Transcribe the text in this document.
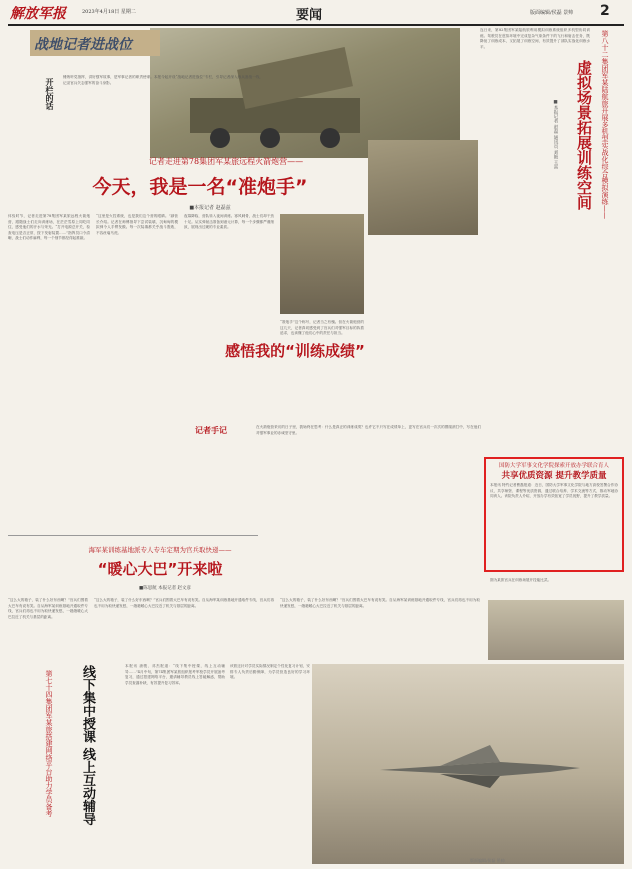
解放军报	2023年4月18日 星期二	要闻	版面编辑/侯磊 景帅 2
战地记者进战位
开栏的话
锤炼听党指挥，讲好强军故事，是军事记者的职责使命。本报今起开设“战地记者进战位”专栏，引导记者深入练兵备战一线，记录官兵矢志强军的奋斗身影。
记者走进第78集团军某旅远程火箭炮营——
今天，我是一名“准炮手”
■本报记者 赵磊兹
体验时节，记者走进第78集团军某旅远程火箭炮营，跟随战士们走向训练场，在茫茫雪原上同吃同住，感受他们的汗水与荣光。“打开电源总开关，检查电压是否正常，按下发射装置……”指挥员口令清晰，战士们动作麻利，每一个细节都经得起推敲。
“这里是火控系统，也是我们这个营的眼睛。”副营长介绍。记者在师傅指导下尝试装填，沉甸甸的模拟弹令人手臂发酸。每一次装填都关乎战斗胜败，不容丝毫马虎。
夜幕降临，营队转入夜间训练。寒风刺骨，战士们却干劲十足。从实弹射击准备到诸元计算，每一个步骤都严谨细致，展现出过硬的专业素质。
“准炮手”这个称号，记者当之有愧。但在火箭炮营的这几天，记者真切感受到了官兵们对强军目标的执着追求，也读懂了他们心中的责任与担当。
第八十二集团军某陆航旅开展多机型实战化综合模拟演练——
虚拟场景拓展训练空间
■本报记者 赵磊 通讯员 刘艳 王雷
连日来，第82集团军某陆航旅利用模拟训练系统组织多机型协同训练。驾驶员在虚拟环境中完成复杂气象条件下的飞行和射击任务，既降低了训练成本，又拓展了训练空间，有效提升了部队实战化训练水平。
感悟我的“训练成绩”
记者手记	在火箭炮营采访的日子里，我始终在思考：什么是真正的训练成绩？也许它不只写在成绩单上，更写在官兵们一次次的摸爬滚打中，写在他们对强军事业的赤诚坚守里。
国防大学军事文化学院探索开放办学联合育人
共享优质资源 提升教学质量
本报讯 特约记者曹磊报道：近日，国防大学军事文化学院与地方高校签署合作协议，共享师资、课程等优质资源，通过联合培养、学术交流等方式，推动军地协同育人。该院负责人介绍，开放办学有效拓宽了学员视野，提升了教学质量。
图为某旅官兵在训练场展开技能比武。
海军某训练基地派专人专车定期为官兵取快递——
“暖心大巴”开来啦
■陈思航 本报记者 赵文彦
“这么大的箱子，装了什么好东西啊？”官兵们围着大巴车有说有笑。自从海军某训练基地开通取件专线，官兵们再也不用为取快递发愁，一趟趟暖心大巴拉近了机关与基层的距离。
“这么大的箱子，装了什么好东西啊？”官兵们围着大巴车有说有笑。自从海军某训练基地开通取件专线，官兵们再也不用为取快递发愁，一趟趟暖心大巴拉近了机关与基层的距离。
“这么大的箱子，装了什么好东西啊？”官兵们围着大巴车有说有笑。自从海军某训练基地开通取件专线，官兵们再也不用为取快递发愁，一趟趟暖心大巴拉近了机关与基层的距离。
第七十四集团军某旅搭建网络平台助力学员备考	线下集中授课 线上互动辅导	本报讯 唐骏、邓杰报道：“线下集中授课，线上互动辅导……”4月中旬，第74集团军某旅组织报考军校学员开展备考复习，通过搭建网络平台，邀请辅导教员线上答疑解惑，帮助学员查漏补缺，有效提升复习效率。
该旅还针对学员实际情况制定个性化复习计划，安排专人负责后勤保障，为学员营造良好的学习环境。
版面编辑/侯磊 景帅
